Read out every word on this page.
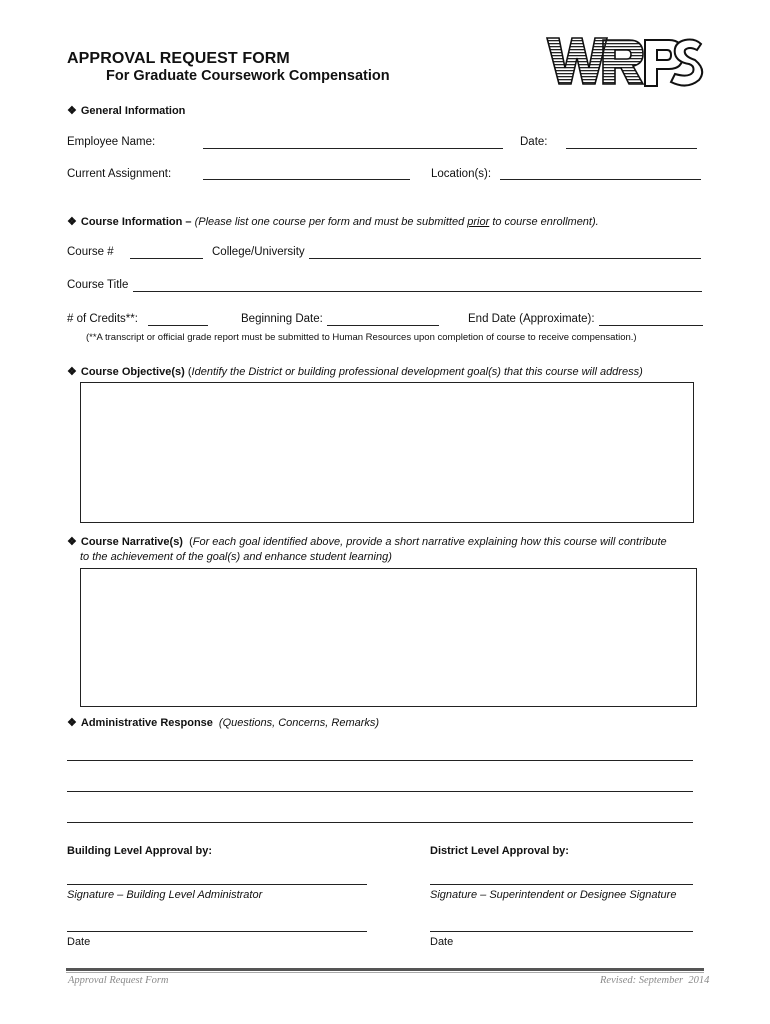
APPROVAL REQUEST FORM
For Graduate Coursework Compensation
❖ General Information
Employee Name:	Date:
Current Assignment:	Location(s):
❖ Course Information – (Please list one course per form and must be submitted prior to course enrollment).
Course #	College/University
Course Title
# of Credits**:	Beginning Date:	End Date (Approximate):
(**A transcript or official grade report must be submitted to Human Resources upon completion of course to receive compensation.)
❖ Course Objective(s) (Identify the District or building professional development goal(s) that this course will address)
❖ Course Narrative(s)  (For each goal identified above, provide a short narrative explaining how this course will contribute
to the achievement of the goal(s) and enhance student learning)
❖ Administrative Response (Questions, Concerns, Remarks)
Building Level Approval by:	District Level Approval by:
Signature – Building Level Administrator	Signature – Superintendent or Designee Signature
Date	Date
Approval Request Form	Revised: September  2014
